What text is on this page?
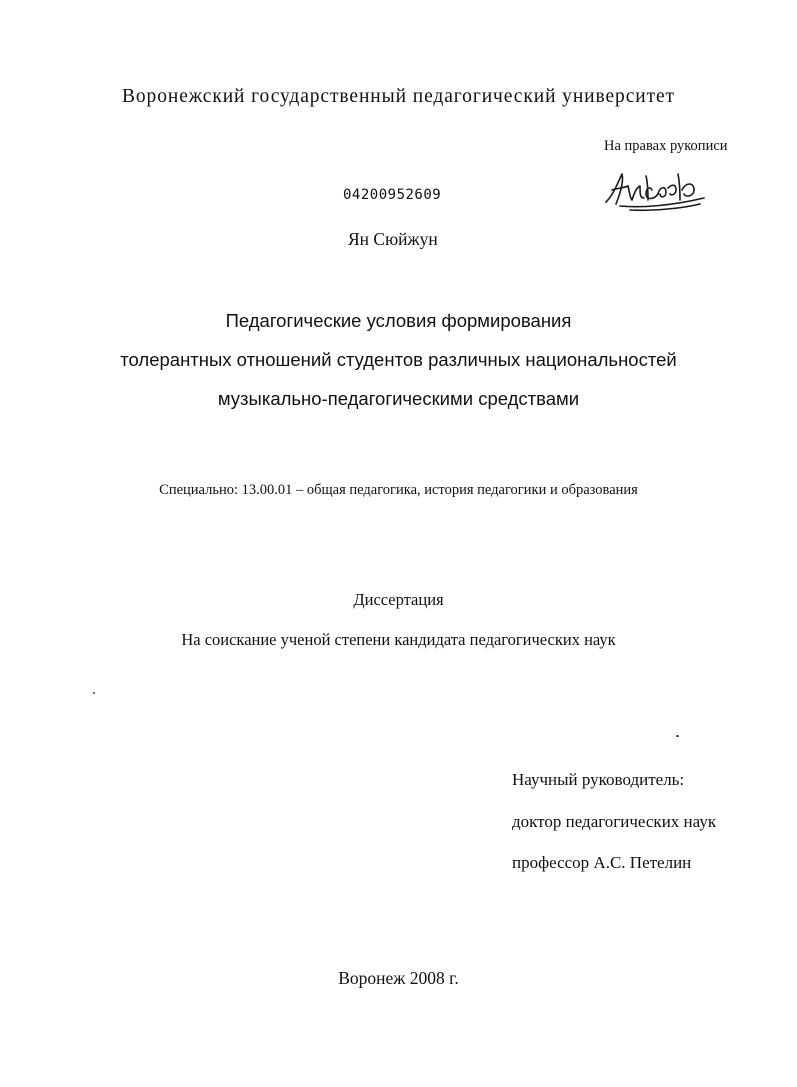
Воронежский государственный педагогический университет
На правах рукописи
04200952609
Ян Сюйжун
Педагогические условия формирования
толерантных отношений студентов различных национальностей
музыкально-педагогическими средствами
Специально: 13.00.01 – общая педагогика, история педагогики и образования
Диссертация
На соискание ученой степени кандидата педагогических наук
Научный руководитель:
доктор педагогических наук
профессор А.С. Петелин
Воронеж 2008 г.
